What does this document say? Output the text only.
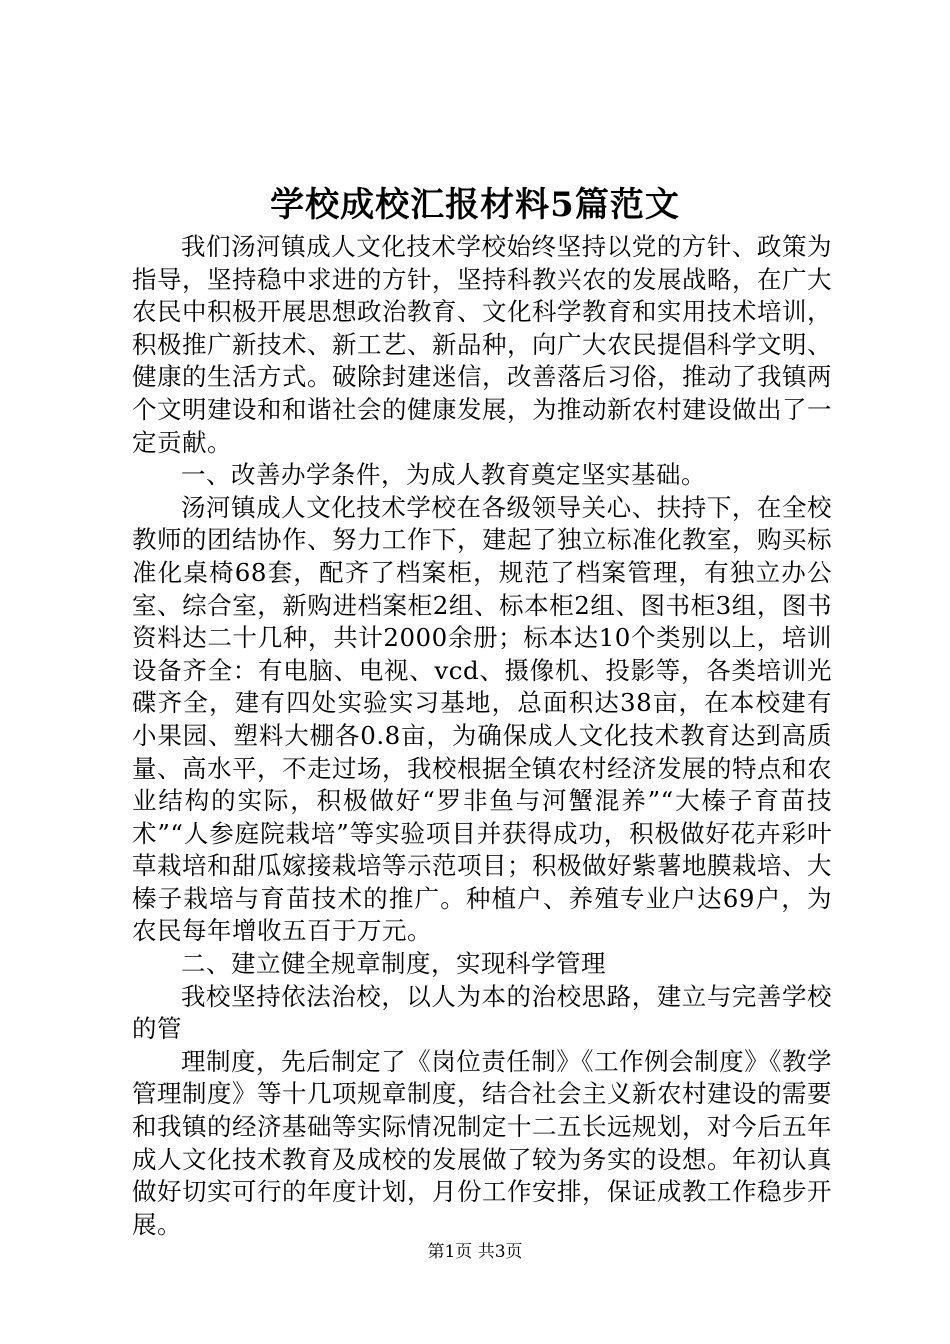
学校成校汇报材料5篇范文

我们汤河镇成人文化技术学校始终坚持以党的方针、政策为指导，坚持稳中求进的方针，坚持科教兴农的发展战略，在广大农民中积极开展思想政治教育、文化科学教育和实用技术培训，积极推广新技术、新工艺、新品种，向广大农民提倡科学文明、健康的生活方式。破除封建迷信，改善落后习俗，推动了我镇两个文明建设和和谐社会的健康发展，为推动新农村建设做出了一定贡献。

一、改善办学条件，为成人教育奠定坚实基础。

汤河镇成人文化技术学校在各级领导关心、扶持下，在全校教师的团结协作、努力工作下，建起了独立标准化教室，购买标准化桌椅68套，配齐了档案柜，规范了档案管理，有独立办公室、综合室，新购进档案柜2组、标本柜2组、图书柜3组，图书资料达二十几种，共计2000余册；标本达10个类别以上，培训设备齐全：有电脑、电视、vcd、摄像机、投影等，各类培训光碟齐全，建有四处实验实习基地，总面积达38亩，在本校建有小果园、塑料大棚各0.8亩，为确保成人文化技术教育达到高质量、高水平，不走过场，我校根据全镇农村经济发展的特点和农业结构的实际，积极做好“罗非鱼与河蟹混养”“大榛子育苗技术”“人参庭院栽培”等实验项目并获得成功，积极做好花卉彩叶草栽培和甜瓜嫁接栽培等示范项目；积极做好紫薯地膜栽培、大榛子栽培与育苗技术的推广。种植户、养殖专业户达69户，为农民每年增收五百于万元。

二、建立健全规章制度，实现科学管理

我校坚持依法治校，以人为本的治校思路，建立与完善学校的管

理制度，先后制定了《岗位责任制》《工作例会制度》《教学管理制度》等十几项规章制度，结合社会主义新农村建设的需要和我镇的经济基础等实际情况制定十二五长远规划，对今后五年成人文化技术教育及成校的发展做了较为务实的设想。年初认真做好切实可行的年度计划，月份工作安排，保证成教工作稳步开展。

第1页 共3页
